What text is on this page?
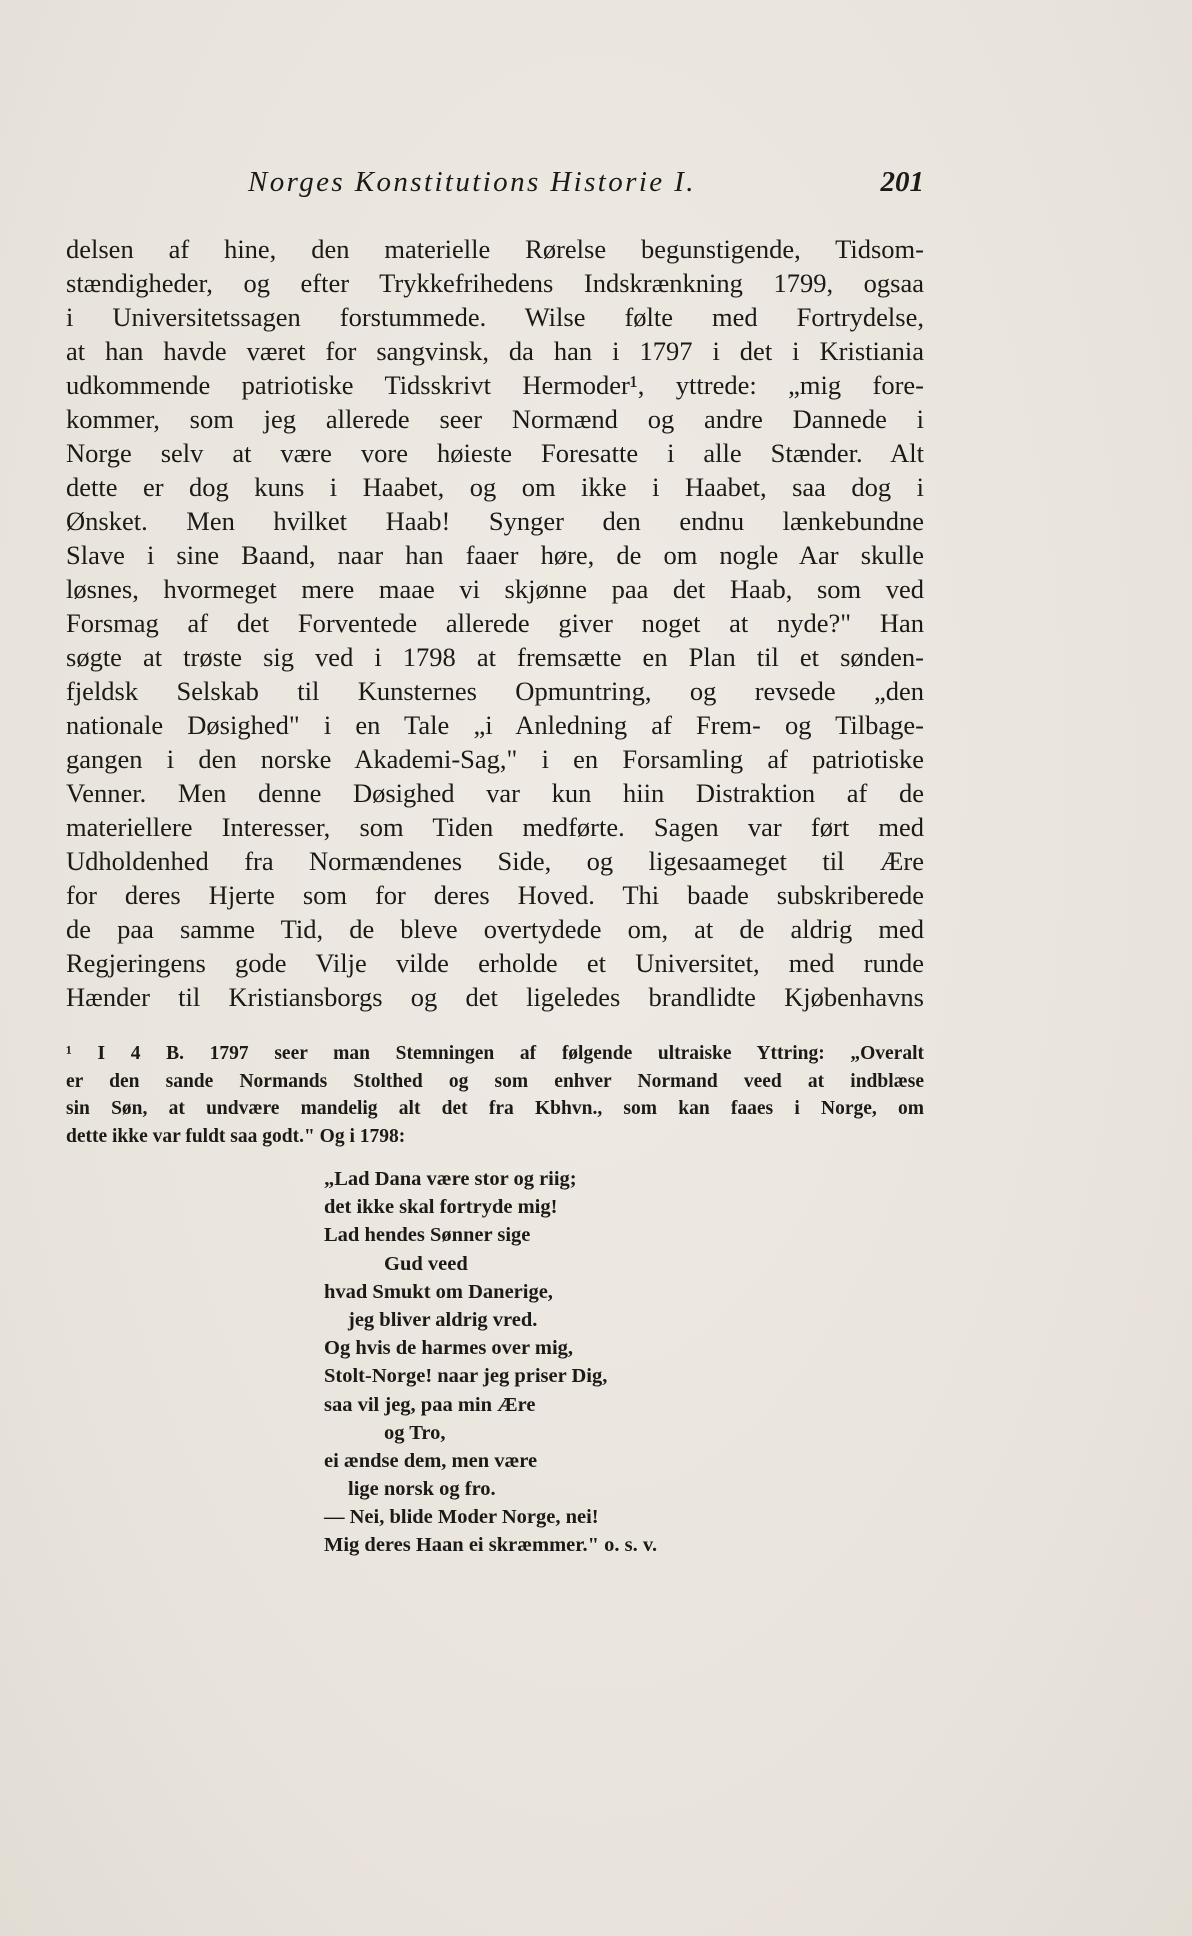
Norges Konstitutions Historie I.	201
delsen af hine, den materielle Rørelse begunstigende, Tidsom-
stændigheder, og efter Trykkefrihedens Indskrænkning 1799, ogsaa
i Universitetssagen forstummede. Wilse følte med Fortrydelse,
at han havde været for sangvinsk, da han i 1797 i det i Kristiania
udkommende patriotiske Tidsskrivt Hermoder¹, yttrede: „mig fore-
kommer, som jeg allerede seer Normænd og andre Dannede i
Norge selv at være vore høieste Foresatte i alle Stænder. Alt
dette er dog kuns i Haabet, og om ikke i Haabet, saa dog i
Ønsket. Men hvilket Haab! Synger den endnu lænkebundne
Slave i sine Baand, naar han faaer høre, de om nogle Aar skulle
løsnes, hvormeget mere maae vi skjønne paa det Haab, som ved
Forsmag af det Forventede allerede giver noget at nyde?" Han
søgte at trøste sig ved i 1798 at fremsætte en Plan til et sønden-
fjeldsk Selskab til Kunsternes Opmuntring, og revsede „den
nationale Døsighed" i en Tale „i Anledning af Frem- og Tilbage-
gangen i den norske Akademi-Sag," i en Forsamling af patriotiske
Venner. Men denne Døsighed var kun hiin Distraktion af de
materiellere Interesser, som Tiden medførte. Sagen var ført med
Udholdenhed fra Normændenes Side, og ligesaameget til Ære
for deres Hjerte som for deres Hoved. Thi baade subskriberede
de paa samme Tid, de bleve overtydede om, at de aldrig med
Regjeringens gode Vilje vilde erholde et Universitet, med runde
Hænder til Kristiansborgs og det ligeledes brandlidte Kjøbenhavns
¹ I 4 B. 1797 seer man Stemningen af følgende ultraiske Yttring: „Overalt
er den sande Normands Stolthed og som enhver Normand veed at indblæse
sin Søn, at undvære mandelig alt det fra Kbhvn., som kan faaes i Norge, om
dette ikke var fuldt saa godt." Og i 1798:
„Lad Dana være stor og riig;
det ikke skal fortryde mig!
Lad hendes Sønner sige
Gud veed
hvad Smukt om Danerige,
jeg bliver aldrig vred.
Og hvis de harmes over mig,
Stolt-Norge! naar jeg priser Dig,
saa vil jeg, paa min Ære
og Tro,
ei ændse dem, men være
lige norsk og fro.
— Nei, blide Moder Norge, nei!
Mig deres Haan ei skræmmer." o. s. v.
